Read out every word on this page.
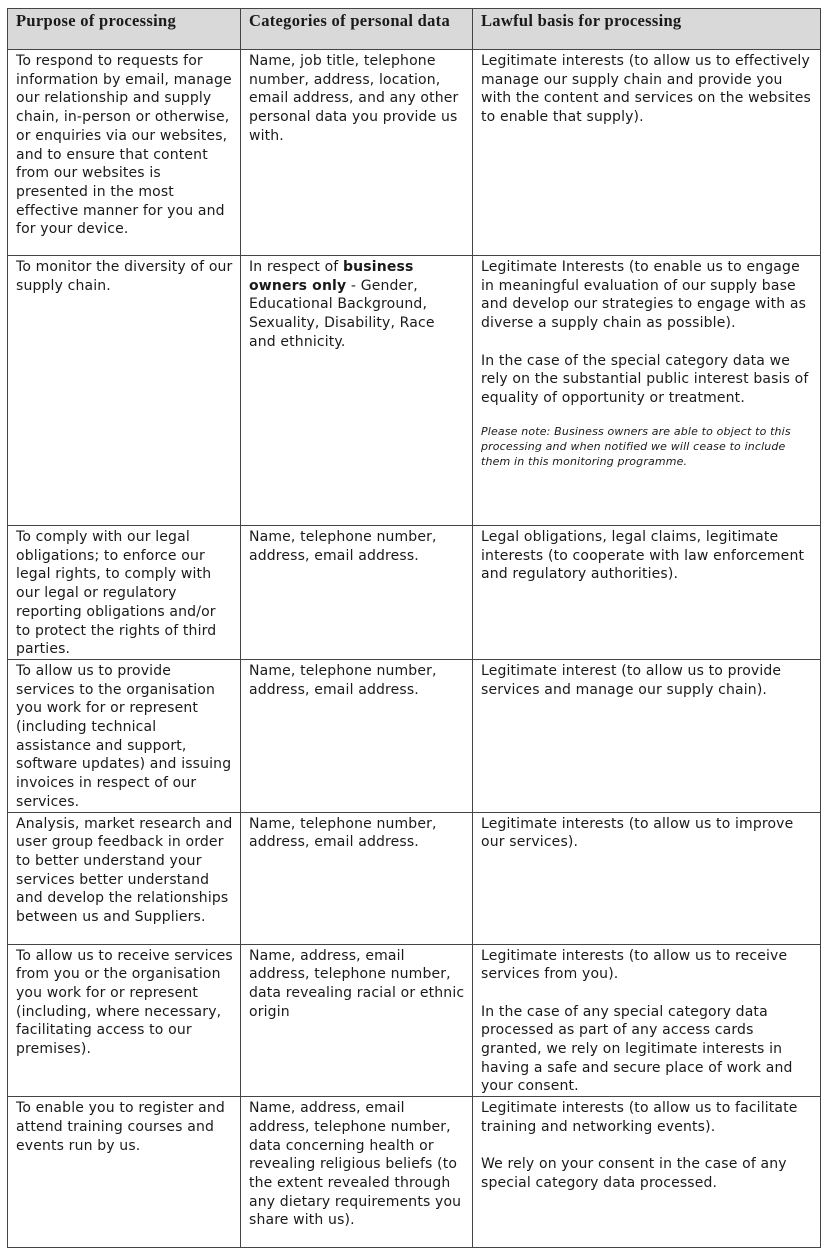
Purpose of processing	Categories of personal data	Lawful basis for processing
To respond to requests for information by email, manage our relationship and supply chain, in-person or otherwise, or enquiries via our websites, and to ensure that content from our websites is presented in the most effective manner for you and for your device.	Name, job title, telephone number, address, location, email address, and any other personal data you provide us with.	Legitimate interests (to allow us to effectively manage our supply chain and provide you with the content and services on the websites to enable that supply).

To monitor the diversity of our supply chain.	In respect of business owners only - Gender, Educational Background, Sexuality, Disability, Race and ethnicity.	Legitimate Interests (to enable us to engage in meaningful evaluation of our supply base and develop our strategies to engage with as diverse a supply chain as possible).

In the case of the special category data we rely on the substantial public interest basis of equality of opportunity or treatment.

Please note: Business owners are able to object to this processing and when notified we will cease to include them in this monitoring programme.

To comply with our legal obligations; to enforce our legal rights, to comply with our legal or regulatory reporting obligations and/or to protect the rights of third parties.	Name, telephone number, address, email address.	Legal obligations, legal claims, legitimate interests (to cooperate with law enforcement and regulatory authorities).

To allow us to provide services to the organisation you work for or represent (including technical assistance and support, software updates) and issuing invoices in respect of our services.	Name, telephone number, address, email address.	Legitimate interest (to allow us to provide services and manage our supply chain).

Analysis, market research and user group feedback in order to better understand your services better understand and develop the relationships between us and Suppliers.	Name, telephone number, address, email address.	Legitimate interests (to allow us to improve our services).

To allow us to receive services from you or the organisation you work for or represent (including, where necessary, facilitating access to our premises).	Name, address, email address, telephone number, data revealing racial or ethnic origin	Legitimate interests (to allow us to receive services from you).

In the case of any special category data processed as part of any access cards granted, we rely on legitimate interests in having a safe and secure place of work and your consent.

To enable you to register and attend training courses and events run by us.	Name, address, email address, telephone number, data concerning health or revealing religious beliefs (to the extent revealed through any dietary requirements you share with us).	Legitimate interests (to allow us to facilitate training and networking events).

We rely on your consent in the case of any special category data processed.
